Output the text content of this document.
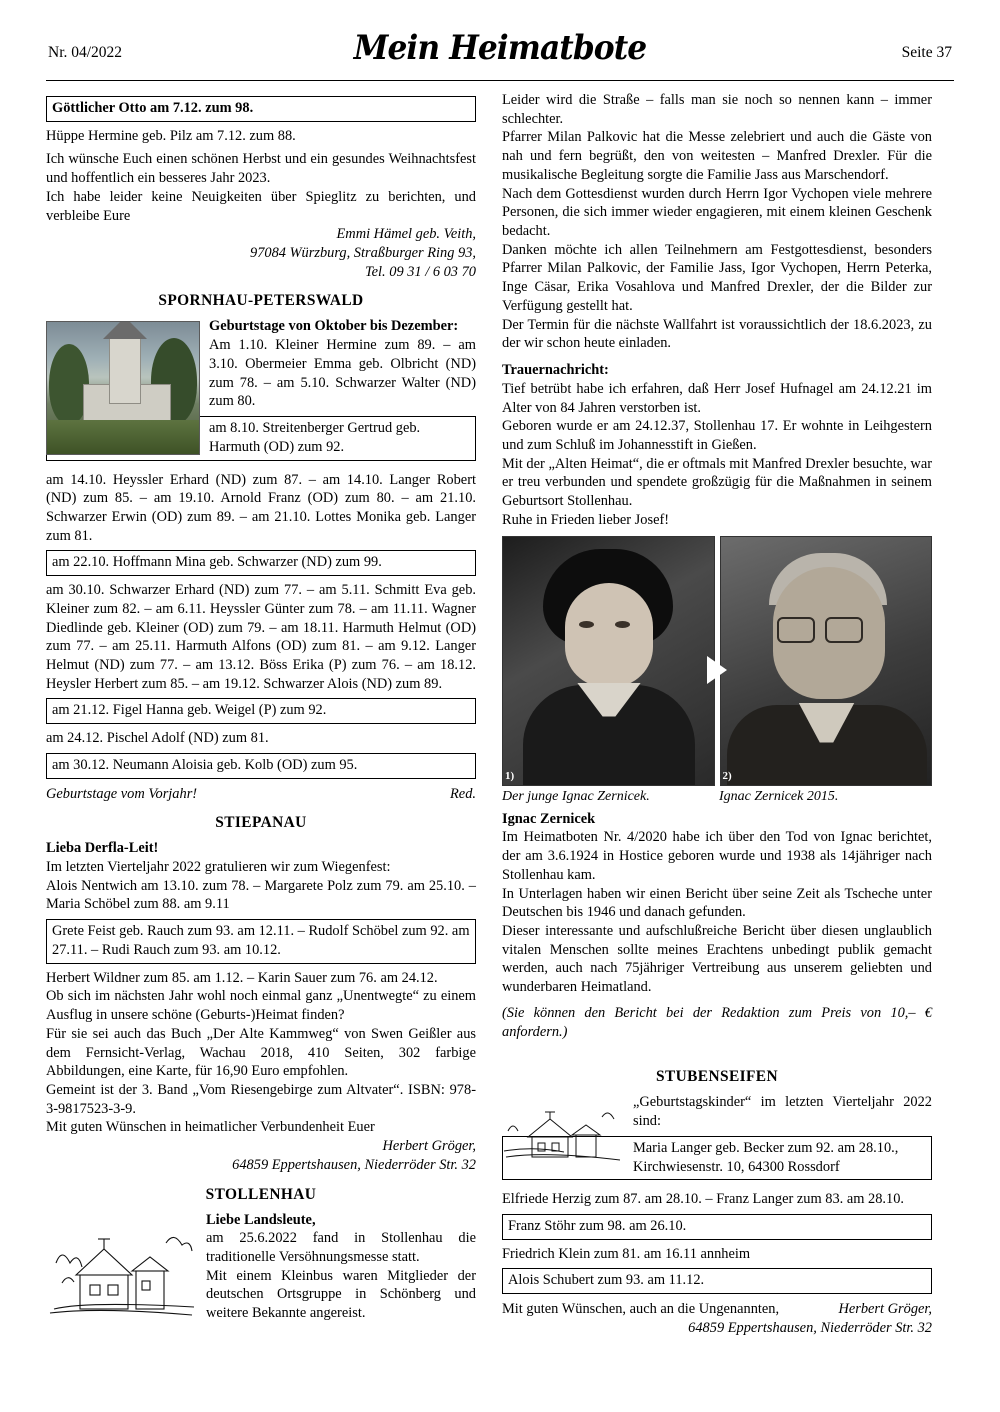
Nr. 04/2022	Mein Heimatbote	Seite 37
Göttlicher Otto am 7.12. zum 98.

Hüppe Hermine geb. Pilz am 7.12. zum 88.

Ich wünsche Euch einen schönen Herbst und ein gesundes Weihnachtsfest und hoffentlich ein besseres Jahr 2023.

Ich habe leider keine Neuigkeiten über Spieglitz zu berichten, und verbleibe Eure

Emmi Hämel geb. Veith,

97084 Würzburg, Straßburger Ring 93,

Tel. 09 31 / 6 03 70

SPORNHAU-PETERSWALD

Geburtstage von Oktober bis Dezember:

Am 1.10. Kleiner Hermine zum 89. – am 3.10. Obermeier Emma geb. Olbricht (ND) zum 78. – am 5.10. Schwarzer Walter (ND) zum 80.

am 8.10. Streitenberger Gertrud geb. Harmuth (OD) zum 92.

am 14.10. Heyssler Erhard (ND) zum 87. – am 14.10. Langer Robert (ND) zum 85. – am 19.10. Arnold Franz (OD) zum 80. – am 21.10. Schwarzer Erwin (OD) zum 89. – am 21.10. Lottes Monika geb. Langer zum 81.

am 22.10. Hoffmann Mina geb. Schwarzer (ND) zum 99.

am 30.10. Schwarzer Erhard (ND) zum 77. – am 5.11. Schmitt Eva geb. Kleiner zum 82. – am 6.11. Heyssler Günter zum 78. – am 11.11. Wagner Diedlinde geb. Kleiner (OD) zum 79. – am 18.11. Harmuth Helmut (OD) zum 77. – am 25.11. Harmuth Alfons (OD) zum 81. – am 9.12. Langer Helmut (ND) zum 77. – am 13.12. Böss Erika (P) zum 76. – am 18.12. Heysler Herbert zum 85. – am 19.12. Schwarzer Alois (ND) zum 89.

am 21.12. Figel Hanna geb. Weigel (P) zum 92.

am 24.12. Pischel Adolf (ND) zum 81.

am 30.12. Neumann Aloisia geb. Kolb (OD) zum 95.
Geburtstage vom Vorjahr!	Red.
STIEPANAU

Lieba Derfla-Leit!

Im letzten Vierteljahr 2022 gratulieren wir zum Wiegenfest:

Alois Nentwich am 13.10. zum 78. – Margarete Polz zum 79. am 25.10. – Maria Schöbel zum 88. am 9.11

Grete Feist geb. Rauch zum 93. am 12.11. – Rudolf Schöbel zum 92. am 27.11. – Rudi Rauch zum 93. am 10.12.

Herbert Wildner zum 85. am 1.12. – Karin Sauer zum 76. am 24.12.

Ob sich im nächsten Jahr wohl noch einmal ganz „Unentwegte“ zu einem Ausflug in unsere schöne (Geburts-)Heimat finden?

Für sie sei auch das Buch „Der Alte Kammweg“ von Swen Geißler aus dem Fernsicht-Verlag, Wachau 2018, 410 Seiten, 302 farbige Abbildungen, eine Karte, für 16,90 Euro empfohlen.

Gemeint ist der 3. Band „Vom Riesengebirge zum Altvater“. ISBN: 978-3-9817523-3-9.

Mit guten Wünschen in heimatlicher Verbundenheit Euer

Herbert Gröger,

64859 Eppertshausen, Niederröder Str. 32

STOLLENHAU

Liebe Landsleute,

am 25.6.2022 fand in Stollenhau die traditionelle Versöhnungsmesse statt.

Mit einem Kleinbus waren Mitglieder der deutschen Ortsgruppe in Schönberg und weitere Bekannte angereist.

Leider wird die Straße – falls man sie noch so nennen kann – immer schlechter.

Pfarrer Milan Palkovic hat die Messe zelebriert und auch die Gäste von nah und fern begrüßt, den von weitesten – Manfred Drexler. Für die musikalische Begleitung sorgte die Familie Jass aus Marschendorf.

Nach dem Gottesdienst wurden durch Herrn Igor Vychopen viele mehrere Personen, die sich immer wieder engagieren, mit einem kleinen Geschenk bedacht.

Danken möchte ich allen Teilnehmern am Festgottesdienst, besonders Pfarrer Milan Palkovic, der Familie Jass, Igor Vychopen, Herrn Peterka, Inge Cäsar, Erika Vosahlova und Manfred Drexler, der die Bilder zur Verfügung gestellt hat.

Der Termin für die nächste Wallfahrt ist voraussichtlich der 18.6.2023, zu der wir schon heute einladen.

Trauernachricht:

Tief betrübt habe ich erfahren, daß Herr Josef Hufnagel am 24.12.21 im Alter von 84 Jahren verstorben ist.

Geboren wurde er am 24.12.37, Stollenhau 17. Er wohnte in Leihgestern und zum Schluß im Johannesstift in Gießen.

Mit der „Alten Heimat“, die er oftmals mit Manfred Drexler besuchte, war er treu verbunden und spendete großzügig für die Maßnahmen in seinem Geburtsort Stollenhau.

Ruhe in Frieden lieber Josef!

1)	2)
Der junge Ignac Zernicek.	Ignac Zernicek 2015.

Ignac Zernicek

Im Heimatboten Nr. 4/2020 habe ich über den Tod von Ignac berichtet, der am 3.6.1924 in Hostice geboren wurde und 1938 als 14jähriger nach Stollenhau kam.

In Unterlagen haben wir einen Bericht über seine Zeit als Tscheche unter Deutschen bis 1946 und danach gefunden.

Dieser interessante und aufschlußreiche Bericht über diesen unglaublich vitalen Menschen sollte meines Erachtens unbedingt publik gemacht werden, auch nach 75jähriger Vertreibung aus unserem geliebten und wunderbaren Heimatland.

(Sie können den Bericht bei der Redaktion zum Preis von 10,– € anfordern.)

STUBENSEIFEN

„Geburtstagskinder“ im letzten Vierteljahr 2022 sind:

Maria Langer geb. Becker zum 92. am 28.10., Kirchwiesenstr. 10, 64300 Rossdorf

Elfriede Herzig zum 87. am 28.10. – Franz Langer zum 83. am 28.10.

Franz Stöhr zum 98. am 26.10.

Friedrich Klein zum 81. am 16.11 annheim

Alois Schubert zum 93. am 11.12.
Mit guten Wünschen, auch an die Ungenannten,	Herbert Gröger,

64859 Eppertshausen, Niederröder Str. 32
